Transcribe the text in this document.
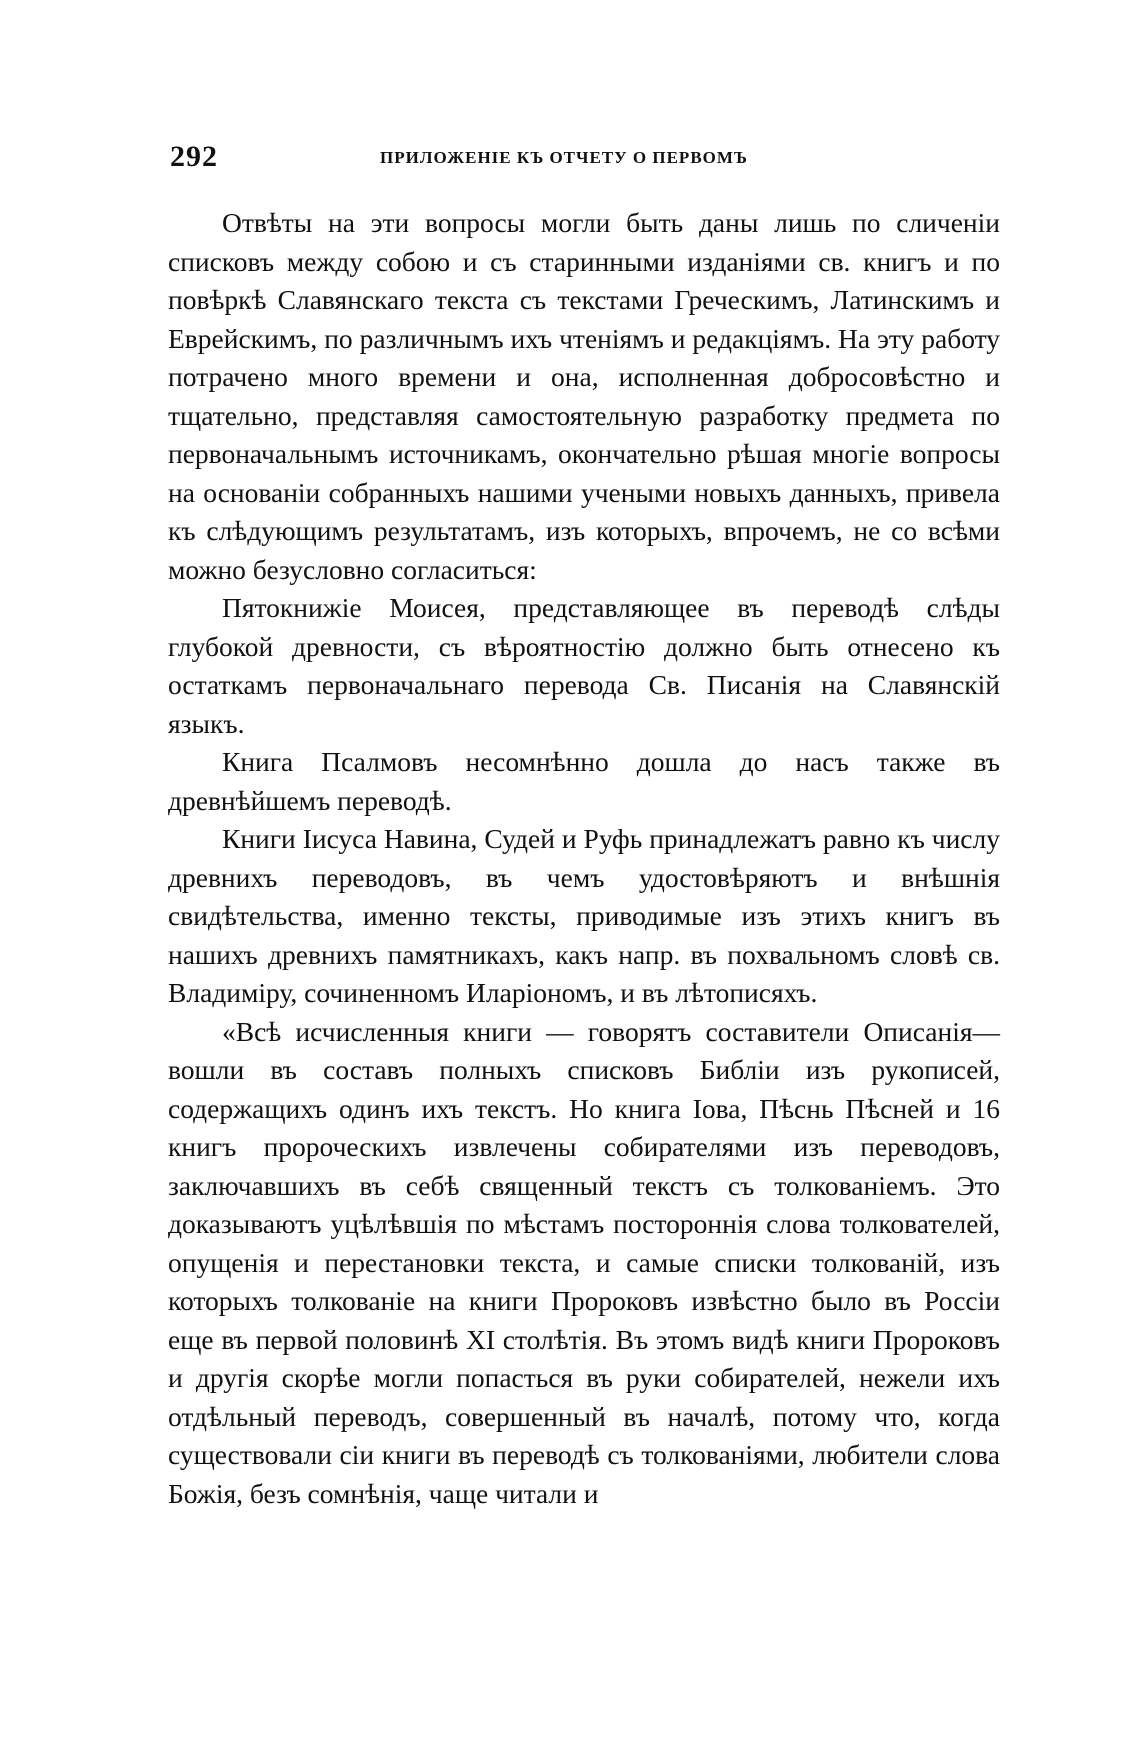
292	ПРИЛОЖЕНІЕ КЪ ОТЧЕТУ О ПЕРВОМЪ

Отвѣты на эти вопросы могли быть даны лишь по сличеніи списковъ между собою и съ старинными изданіями св. книгъ и по повѣркѣ Славянскаго текста съ текстами Греческимъ, Латинскимъ и Еврейскимъ, по различнымъ ихъ чтеніямъ и редакціямъ. На эту работу потрачено много времени и она, исполненная добросовѣстно и тщательно, представляя самостоятельную разработку предмета по первоначальнымъ источникамъ, окончательно рѣшая многіе вопросы на основаніи собранныхъ нашими учеными новыхъ данныхъ, привела къ слѣдующимъ результатамъ, изъ которыхъ, впрочемъ, не со всѣми можно безусловно согласиться:

Пятокнижіе Моисея, представляющее въ переводѣ слѣды глубокой древности, съ вѣроятностію должно быть отнесено къ остаткамъ первоначальнаго перевода Св. Писанія на Славянскій языкъ.

Книга Псалмовъ несомнѣнно дошла до насъ также въ древнѣйшемъ переводѣ.

Книги Іисуса Навина, Судей и Руфь принадлежатъ равно къ числу древнихъ переводовъ, въ чемъ удостовѣряютъ и внѣшнія свидѣтельства, именно тексты, приводимые изъ этихъ книгъ въ нашихъ древнихъ памятникахъ, какъ напр. въ похвальномъ словѣ св. Владиміру, сочиненномъ Иларіономъ, и въ лѣтописяхъ.

«Всѣ исчисленныя книги — говорятъ составители Описанія— вошли въ составъ полныхъ списковъ Библіи изъ рукописей, содержащихъ одинъ ихъ текстъ. Но книга Іова, Пѣснь Пѣсней и 16 книгъ пророческихъ извлечены собирателями изъ переводовъ, заключавшихъ въ себѣ священный текстъ съ толкованіемъ. Это доказываютъ уцѣлѣвшія по мѣстамъ постороннія слова толкователей, опущенія и перестановки текста, и самые списки толкованій, изъ которыхъ толкованіе на книги Пророковъ извѣстно было въ Россіи еще въ первой половинѣ XI столѣтія. Въ этомъ видѣ книги Пророковъ и другія скорѣе могли попасться въ руки собирателей, нежели ихъ отдѣльный переводъ, совершенный въ началѣ, потому что, когда существовали сіи книги въ переводѣ съ толкованіями, любители слова Божія, безъ сомнѣнія, чаще читали и
